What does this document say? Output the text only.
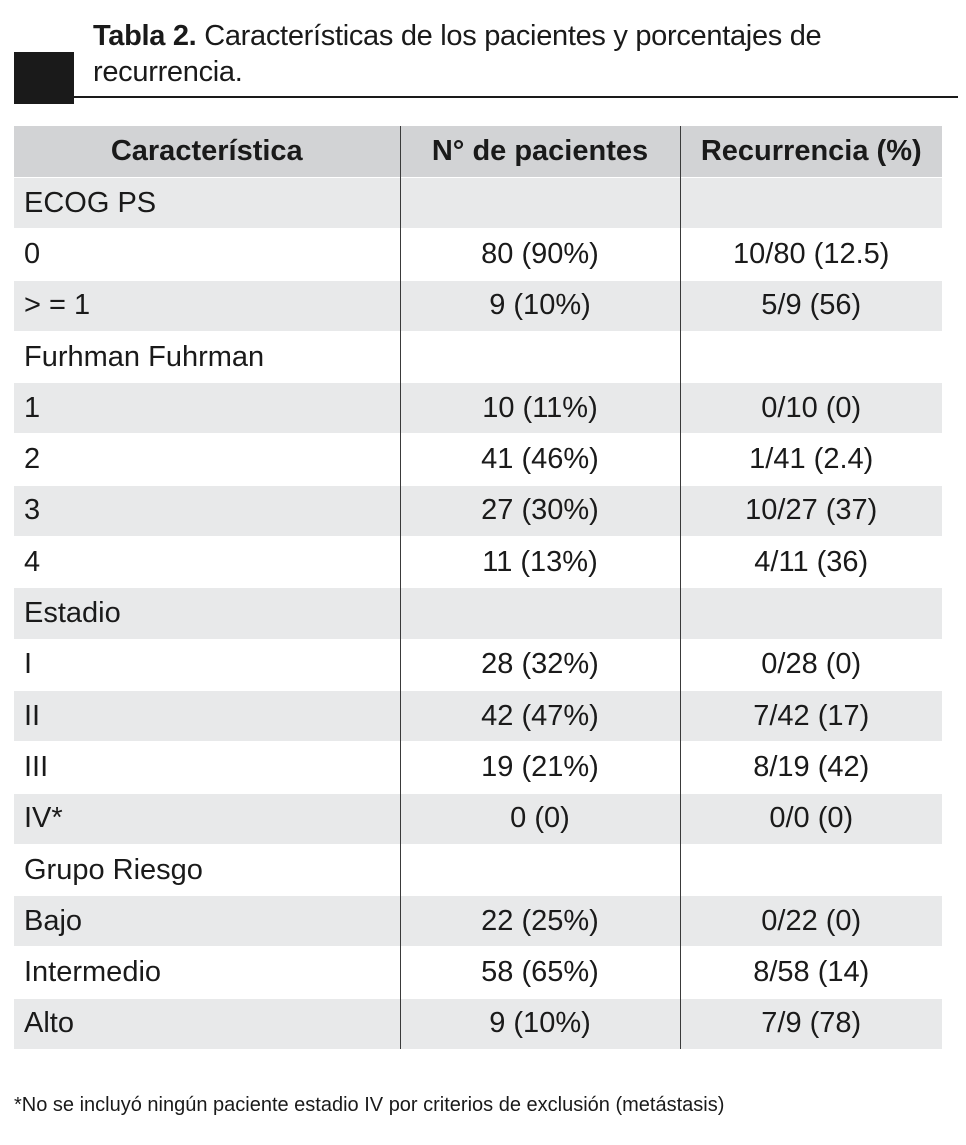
Tabla 2. Características de los pacientes y porcentajes de recurrencia.
Característica	N° de pacientes	Recurrencia (%)
ECOG PS		
0	80 (90%)	10/80 (12.5)
> = 1	9 (10%)	5/9 (56)
Furhman Fuhrman		
1	10 (11%)	0/10 (0)
2	41 (46%)	1/41 (2.4)
3	27 (30%)	10/27 (37)
4	11 (13%)	4/11 (36)
Estadio		
I	28 (32%)	0/28 (0)
II	42 (47%)	7/42 (17)
III	19 (21%)	8/19 (42)
IV*	0 (0)	0/0 (0)
Grupo Riesgo		
Bajo	22 (25%)	0/22 (0)
Intermedio	58 (65%)	8/58 (14)
Alto	9 (10%)	7/9 (78)
*No se incluyó ningún paciente estadio IV por criterios de exclusión (metástasis)
